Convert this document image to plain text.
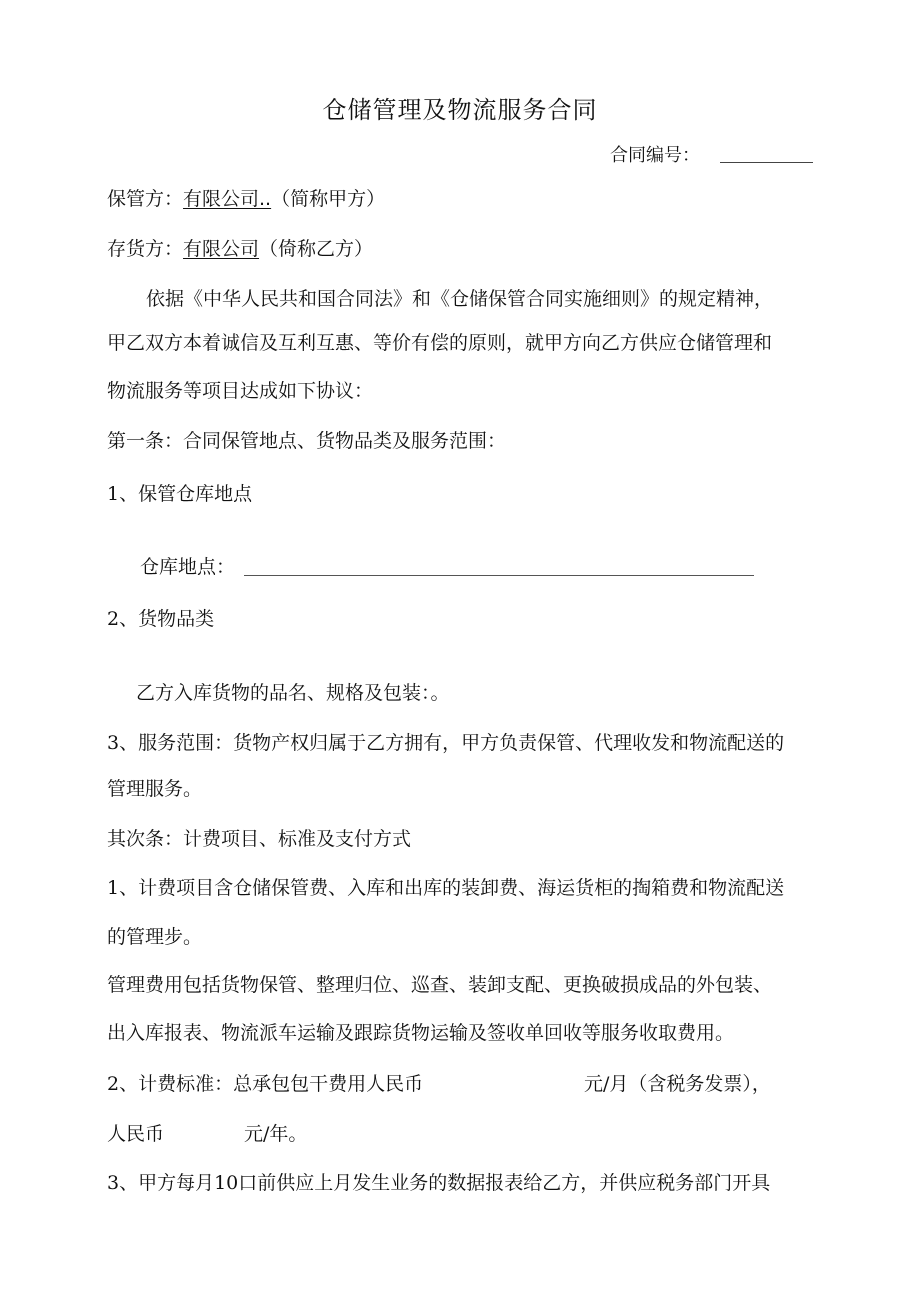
仓储管理及物流服务合同
合同编号：
保管方：有限公司..（简称甲方）
存货方：有限公司（倚称乙方）
依据《中华人民共和国合同法》和《仓储保管合同实施细则》的规定精神，
甲乙双方本着诚信及互利互惠、等价有偿的原则，就甲方向乙方供应仓储管理和
物流服务等项目达成如下协议：
第一条：合同保管地点、货物品类及服务范围：
1、保管仓库地点
仓库地点：
2、货物品类
乙方入库货物的品名、规格及包装：。
3、服务范围：货物产权归属于乙方拥有，甲方负责保管、代理收发和物流配送的
管理服务。
其次条：计费项目、标准及支付方式
1、计费项目含仓储保管费、入库和出库的装卸费、海运货柜的掏箱费和物流配送
的管理步。
管理费用包括货物保管、整理归位、巡查、装卸支配、更换破损成品的外包装、
出入库报表、物流派车运输及跟踪货物运输及签收单回收等服务收取费用。
2、计费标准：总承包包干费用人民币	元/月（含税务发票），
人民币	元/年。
3、甲方每月10口前供应上月发生业务的数据报表给乙方，并供应税务部门开具
